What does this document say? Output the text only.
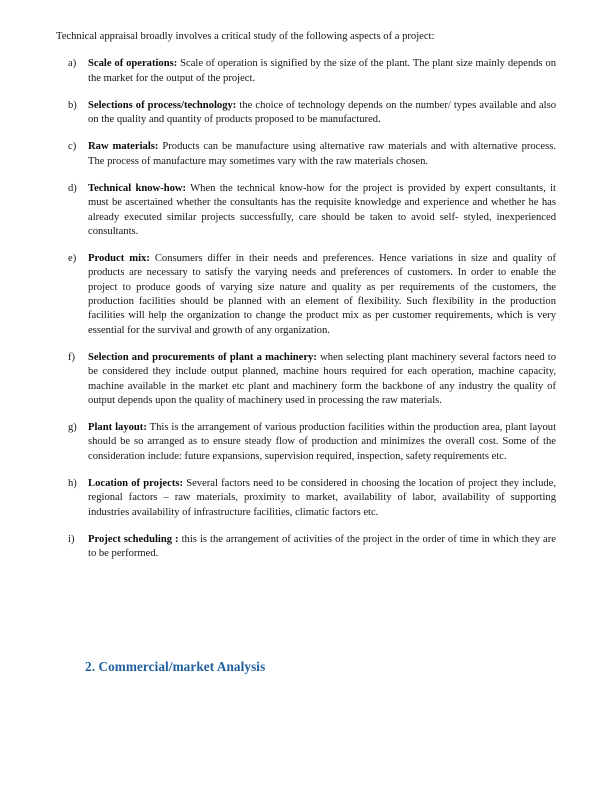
Technical appraisal broadly involves a critical study of the following aspects of a project:

a)	Scale of operations: Scale of operation is signified by the size of the plant. The plant size mainly depends on the market for the output of the project.
b)	Selections of process/technology: the choice of technology depends on the number/ types available and also on the quality and quantity of products proposed to be manufactured.
c)	Raw materials: Products can be manufacture using alternative raw materials and with alternative process. The process of manufacture may sometimes vary with the raw materials chosen.
d)	Technical know-how: When the technical know-how for the project is provided by expert consultants, it must be ascertained whether the consultants has the requisite knowledge and experience and whether he has already executed similar projects successfully, care should be taken to avoid self- styled, inexperienced consultants.
e)	Product mix: Consumers differ in their needs and preferences. Hence variations in size and quality of products are necessary to satisfy the varying needs and preferences of customers. In order to enable the project to produce goods of varying size nature and quality as per requirements of the customers, the production facilities should be planned with an element of flexibility. Such flexibility in the production facilities will help the organization to change the product mix as per customer requirements, which is very essential for the survival and growth of any organization.
f)	Selection and procurements of plant a machinery: when selecting plant machinery several factors need to be considered they include output planned, machine hours required for each operation, machine capacity, machine available in the market etc plant and machinery form the backbone of any industry the quality of output depends upon the quality of machinery used in processing the raw materials.
g)	Plant layout: This is the arrangement of various production facilities within the production area, plant layout should be so arranged as to ensure steady flow of production and minimizes the overall cost. Some of the consideration include: future expansions, supervision required, inspection, safety requirements etc.
h)	Location of projects: Several factors need to be considered in choosing the location of project they include, regional factors – raw materials, proximity to market, availability of labor, availability of supporting industries availability of infrastructure facilities, climatic factors etc.
i)	Project scheduling : this is the arrangement of activities of the project in the order of time in which they are to be performed.
2. Commercial/market Analysis
